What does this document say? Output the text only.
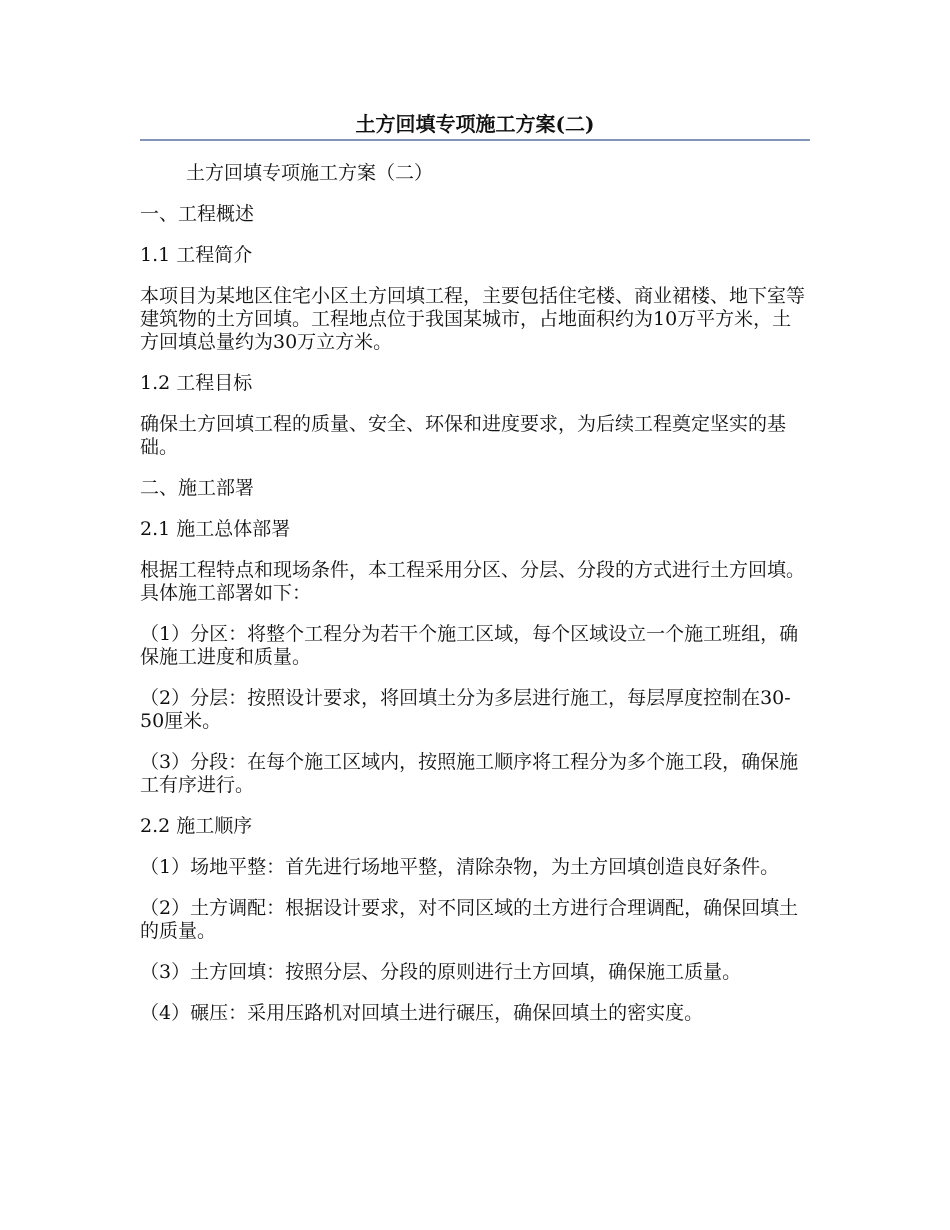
土方回填专项施工方案(二)

土方回填专项施工方案（二）

一、工程概述

1.1 工程简介

本项目为某地区住宅小区土方回填工程，主要包括住宅楼、商业裙楼、地下室等建筑物的土方回填。工程地点位于我国某城市，占地面积约为10万平方米，土方回填总量约为30万立方米。

1.2 工程目标

确保土方回填工程的质量、安全、环保和进度要求，为后续工程奠定坚实的基础。

二、施工部署

2.1 施工总体部署

根据工程特点和现场条件，本工程采用分区、分层、分段的方式进行土方回填。具体施工部署如下：

（1）分区：将整个工程分为若干个施工区域，每个区域设立一个施工班组，确保施工进度和质量。

（2）分层：按照设计要求，将回填土分为多层进行施工，每层厚度控制在30-50厘米。

（3）分段：在每个施工区域内，按照施工顺序将工程分为多个施工段，确保施工有序进行。

2.2 施工顺序

（1）场地平整：首先进行场地平整，清除杂物，为土方回填创造良好条件。

（2）土方调配：根据设计要求，对不同区域的土方进行合理调配，确保回填土的质量。

（3）土方回填：按照分层、分段的原则进行土方回填，确保施工质量。

（4）碾压：采用压路机对回填土进行碾压，确保回填土的密实度。
